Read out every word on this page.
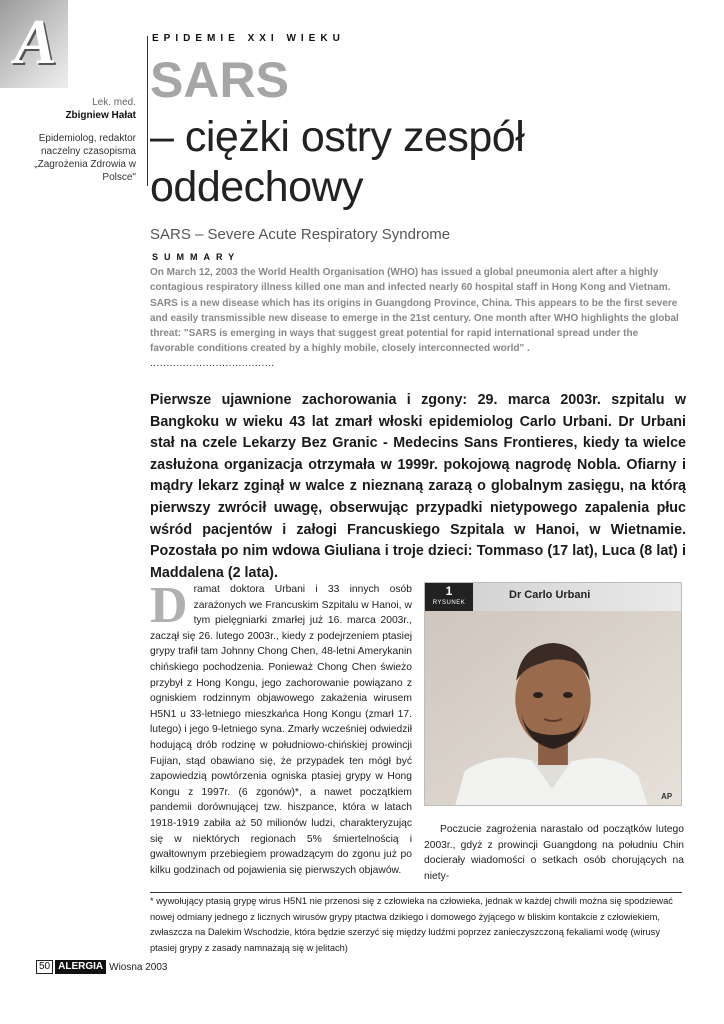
A
Lek. med.
Zbigniew Hałat
Epidemiolog, redaktor naczelny czasopisma „Zagrożenia Zdrowia w Polsce"
EPIDEMIE XXI WIEKU
SARS
– ciężki ostry zespół oddechowy
SARS – Severe Acute Respiratory Syndrome
SUMMARY
On March 12, 2003 the World Health Organisation (WHO) has issued a global pneumonia alert after a highly contagious respiratory illness killed one man and infected nearly 60 hospital staff in Hong Kong and Vietnam. SARS is a new disease which has its origins in Guangdong Province, China. This appears to be the first severe and easily transmissible new disease to emerge in the 21st century. One month after WHO highlights the global threat: "SARS is emerging in ways that suggest great potential for rapid international spread under the favorable conditions created by a highly mobile, closely interconnected world" .
......................................
Pierwsze ujawnione zachorowania i zgony: 29. marca 2003r. szpitalu w Bangkoku w wieku 43 lat zmarł włoski epidemiolog Carlo Urbani. Dr Urbani stał na czele Lekarzy Bez Granic - Medecins Sans Frontieres, kiedy ta wielce zasłużona organizacja otrzymała w 1999r. pokojową nagrodę Nobla. Ofiarny i mądry lekarz zginął w walce z nieznaną zarazą o globalnym zasięgu, na którą pierwszy zwrócił uwagę, obserwując przypadki nietypowego zapalenia płuc wśród pacjentów i załogi Francuskiego Szpitala w Hanoi, w Wietnamie. Pozostała po nim wdowa Giuliana i troje dzieci: Tommaso (17 lat), Luca (8 lat) i Maddalena (2 lata).
D ramat doktora Urbani i 33 innych osób zarażonych we Francuskim Szpitalu w Hanoi, w tym pielęgniarki zmarłej już 16. marca 2003r., zaczął się 26. lutego 2003r., kiedy z podejrzeniem ptasiej grypy trafił tam Johnny Chong Chen, 48-letni Amerykanin chińskiego pochodzenia. Ponieważ Chong Chen świeżo przybył z Hong Kongu, jego zachorowanie powiązano z ogniskiem rodzinnym objawowego zakażenia wirusem H5N1 u 33-letniego mieszkańca Hong Kongu (zmarł 17. lutego) i jego 9-letniego syna. Zmarły wcześniej odwiedził hodującą drób rodzinę w południowo-chińskiej prowincji Fujian, stąd obawiano się, że przypadek ten mógł być zapowiedzią powtórzenia ogniska ptasiej grypy w Hong Kongu z 1997r. (6 zgonów)*, a nawet początkiem pandemii dorównującej tzw. hiszpance, która w latach 1918-1919 zabiła aż 50 milionów ludzi, charakteryzując się w niektórych regionach 5% śmiertelnością i gwałtownym przebiegiem prowadzącym do zgonu już po kilku godzinach od pojawienia się pierwszych objawów.
1
RYSUNEK
Dr Carlo Urbani
AP
Poczucie zagrożenia narastało od początków lutego 2003r., gdyż z prowincji Guangdong na południu Chin docierały wiadomości o setkach osób chorujących na niety-
* wywołujący ptasią grypę wirus H5N1 nie przenosi się z człowieka na człowieka, jednak w każdej chwili można się spodziewać nowej odmiany jednego z licznych wirusów grypy ptactwa dzikiego i domowego żyjącego w bliskim kontakcie z człowiekiem, zwłaszcza na Dalekim Wschodzie, która będzie szerzyć się między ludźmi poprzez zanieczyszczoną fekaliami wodę (wirusy ptasiej grypy z zasady namnażają się w jelitach)
50 ALERGIA Wiosna 2003
